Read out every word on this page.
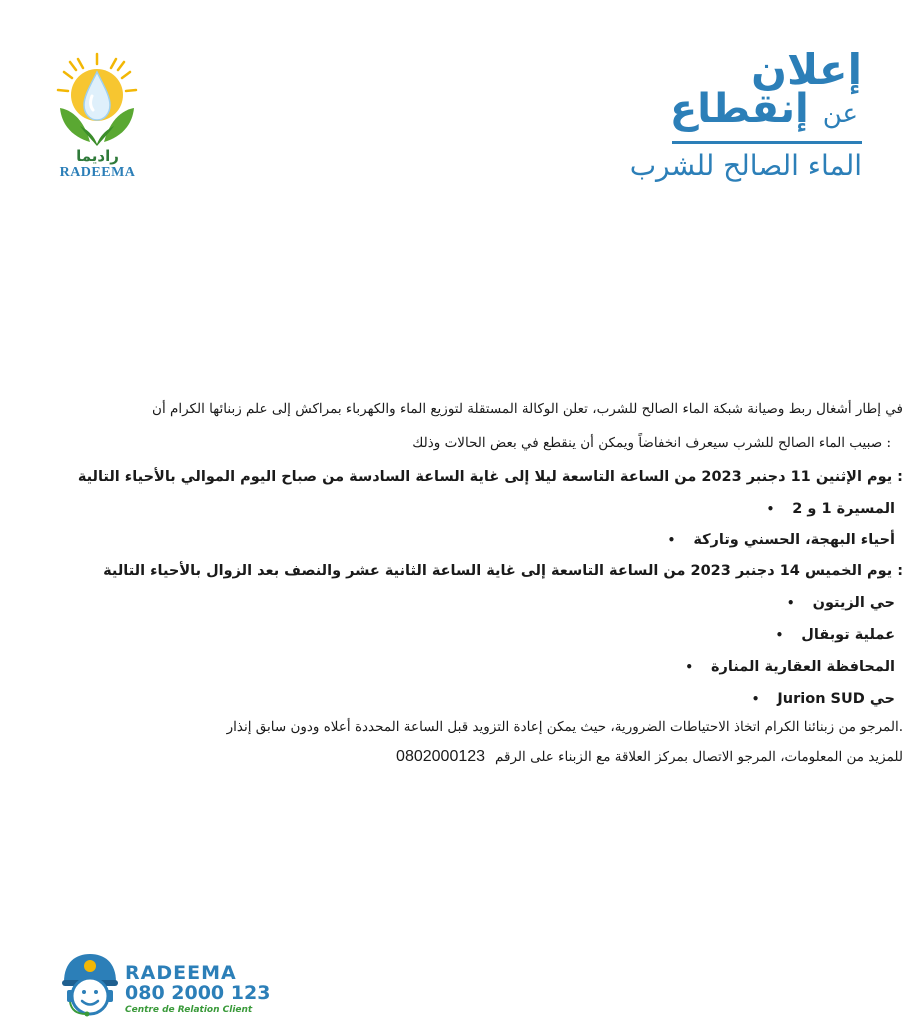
راديما
RADEEMA
إعلان
عن إنقطاع
الماء الصالح للشرب
في إطار أشغال ربط وصيانة شبكة الماء الصالح للشرب، تعلن الوكالة المستقلة لتوزيع الماء والكهرباء بمراكش إلى علم زبنائها الكرام أن
: صبيب الماء الصالح للشرب سيعرف انخفاضاً ويمكن أن ينقطع في بعض الحالات وذلك
: يوم الإثنين 11 دجنبر 2023 من الساعة التاسعة ليلا إلى غاية الساعة السادسة من صباح اليوم الموالي بالأحياء التالية
المسيرة 1 و 2
•
أحياء البهجة، الحسني وتاركة
•
: يوم الخميس 14 دجنبر 2023 من الساعة التاسعة إلى غاية الساعة الثانية عشر والنصف بعد الزوال بالأحياء التالية
حي الزيتون
•
عملية توبقال
•
المحافظة العقارية المنارة
•
حي Jurion SUD
•
.المرجو من زبنائنا الكرام اتخاذ الاحتياطات الضرورية، حيث يمكن إعادة التزويد قبل الساعة المحددة أعلاه ودون سابق إنذار
للمزيد من المعلومات، المرجو الاتصال بمركز العلاقة مع الزبناء على الرقم
0802000123
RADEEMA
080 2000 123
Centre de Relation Client
